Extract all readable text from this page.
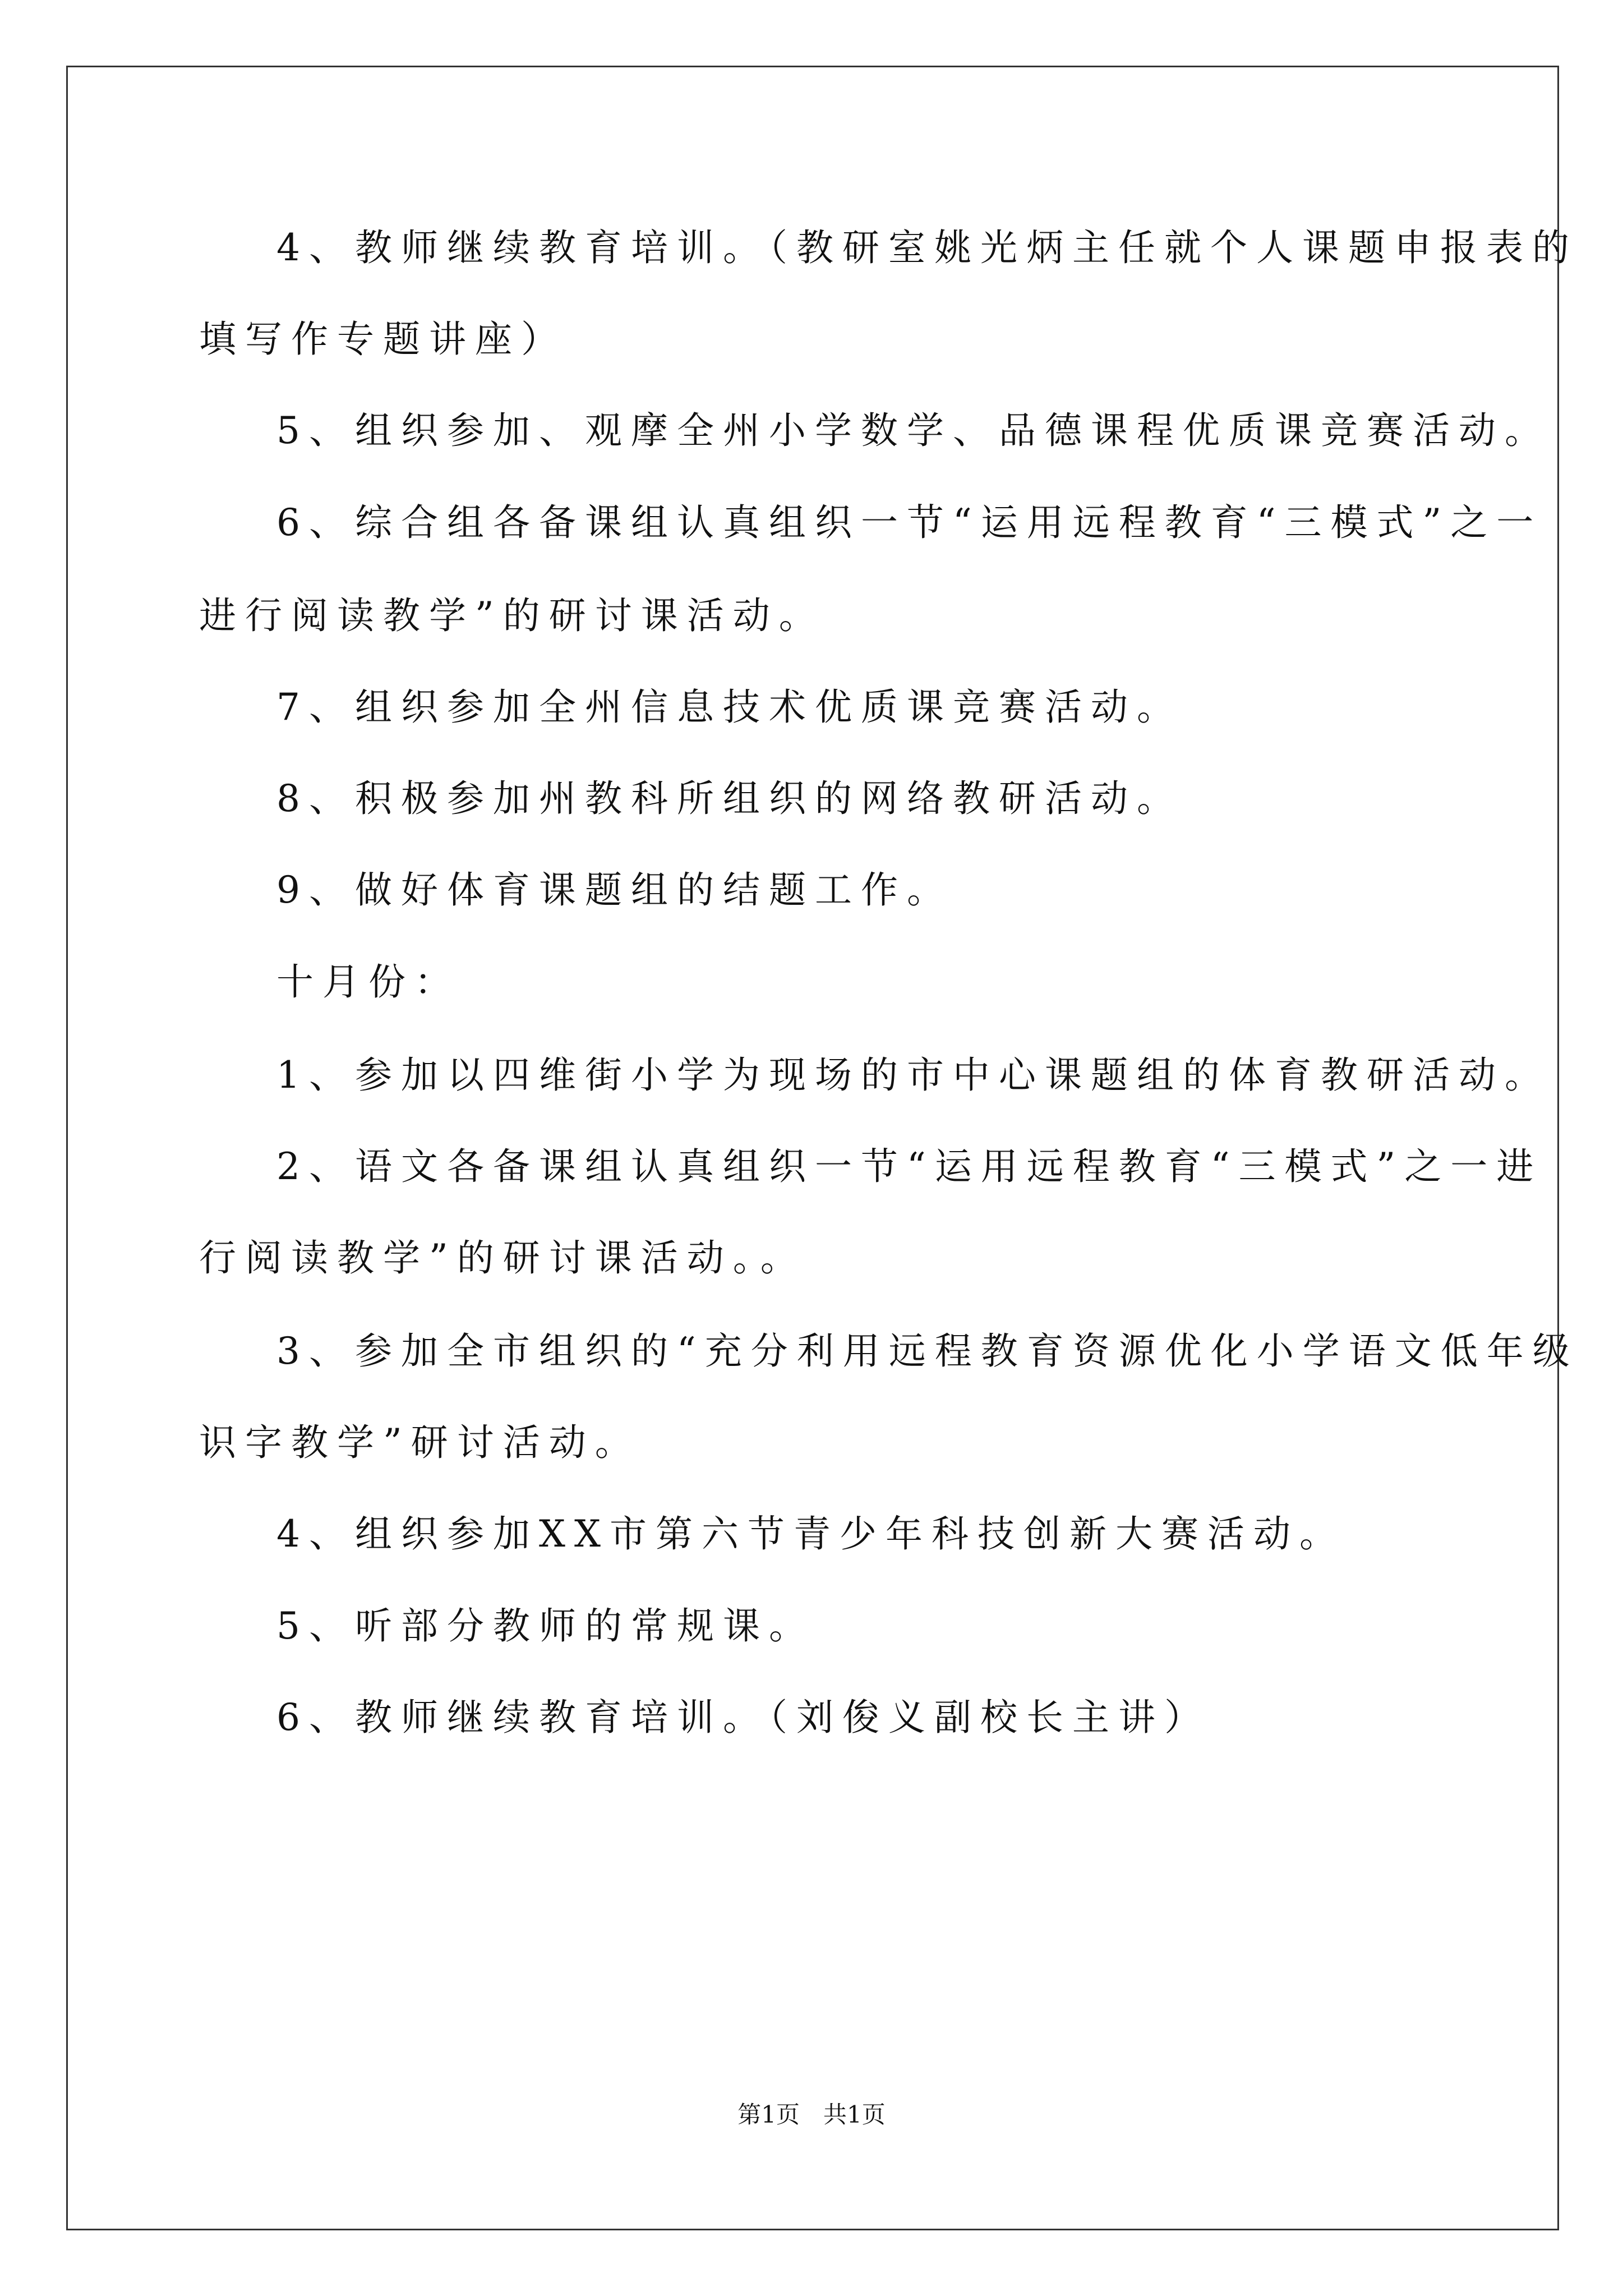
4、教师继续教育培训。（教研室姚光炳主任就个人课题申报表的
填写作专题讲座）
5、组织参加、观摩全州小学数学、品德课程优质课竞赛活动。
6、综合组各备课组认真组织一节“运用远程教育“三模式”之一
进行阅读教学”的研讨课活动。
7、组织参加全州信息技术优质课竞赛活动。
8、积极参加州教科所组织的网络教研活动。
9、做好体育课题组的结题工作。
十月份：
1、参加以四维街小学为现场的市中心课题组的体育教研活动。
2、语文各备课组认真组织一节“运用远程教育“三模式”之一进
行阅读教学”的研讨课活动。。
3、参加全市组织的“充分利用远程教育资源优化小学语文低年级
识字教学”研讨活动。
4、组织参加XX市第六节青少年科技创新大赛活动。
5、听部分教师的常规课。
6、教师继续教育培训。（刘俊义副校长主讲）
第1页　共1页
